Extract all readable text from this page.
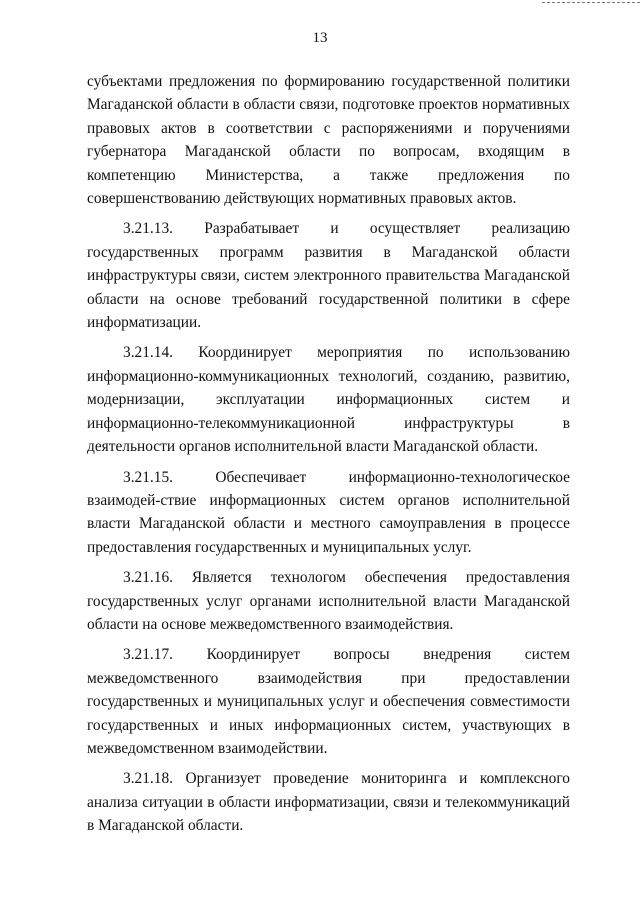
13

субъектами предложения по формированию государственной политики Магаданской области в области связи, подготовке проектов нормативных правовых актов в соответствии с распоряжениями и поручениями губернатора Магаданской области по вопросам, входящим в компетенцию Министерства, а также предложения по совершенствованию действующих нормативных правовых актов.

3.21.13. Разрабатывает и осуществляет реализацию государственных программ развития в Магаданской области инфраструктуры связи, систем электронного правительства Магаданской области на основе требований государственной политики в сфере информатизации.

3.21.14. Координирует мероприятия по использованию информационно-коммуникационных технологий, созданию, развитию, модернизации, эксплуатации информационных систем и информационно-телекоммуникационной инфраструктуры в деятельности органов исполнительной власти Магаданской области.

3.21.15. Обеспечивает информационно-технологическое взаимодей-ствие информационных систем органов исполнительной власти Магаданской области и местного самоуправления в процессе предоставления государственных и муниципальных услуг.

3.21.16. Является технологом обеспечения предоставления государственных услуг органами исполнительной власти Магаданской области на основе межведомственного взаимодействия.

3.21.17. Координирует вопросы внедрения систем межведомственного взаимодействия при предоставлении государственных и муниципальных услуг и обеспечения совместимости государственных и иных информационных систем, участвующих в межведомственном взаимодействии.

3.21.18. Организует проведение мониторинга и комплексного анализа ситуации в области информатизации, связи и телекоммуникаций в Магаданской области.
